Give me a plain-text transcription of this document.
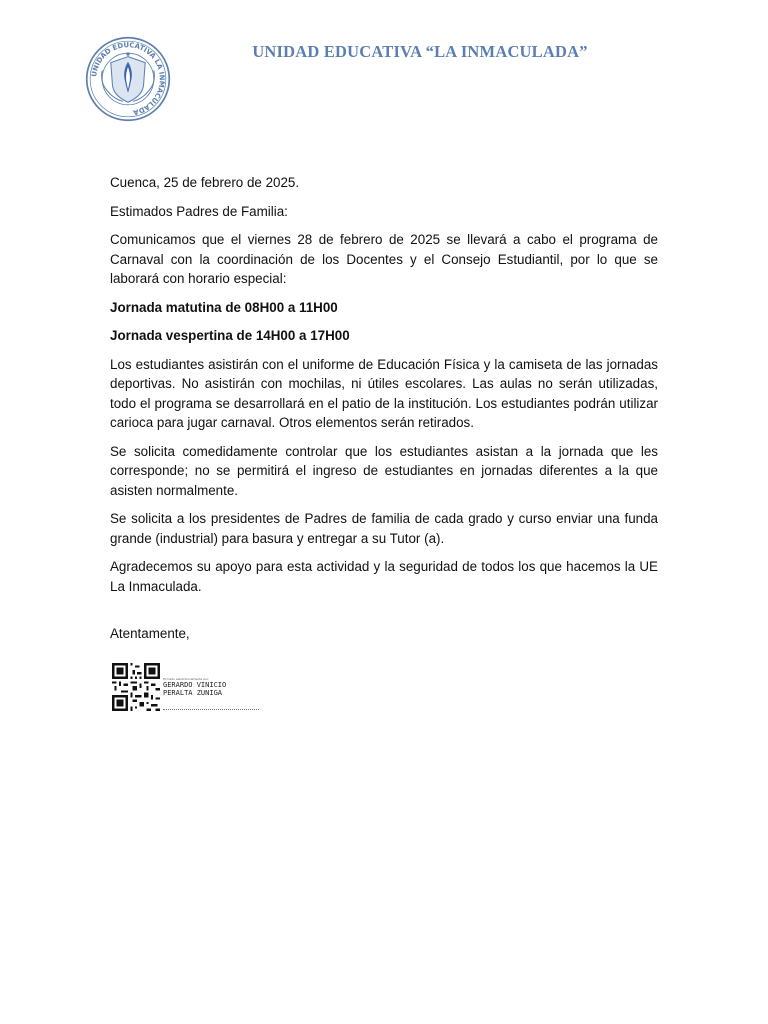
UNIDAD EDUCATIVA LA INMACULADA
UNIDAD EDUCATIVA “LA INMACULADA”

Cuenca, 25 de febrero de 2025.

Estimados Padres de Familia:

Comunicamos que el viernes 28 de febrero de 2025 se llevará a cabo el programa de Carnaval con la coordinación de los Docentes y el Consejo Estudiantil, por lo que se laborará con horario especial:

Jornada matutina de 08H00 a 11H00

Jornada vespertina de 14H00 a 17H00

Los estudiantes asistirán con el uniforme de Educación Física y la camiseta de las jornadas deportivas. No asistirán con mochilas, ni útiles escolares. Las aulas no serán utilizadas, todo el programa se desarrollará en el patio de la institución. Los estudiantes podrán utilizar carioca para jugar carnaval. Otros elementos serán retirados.

Se solicita comedidamente controlar que los estudiantes asistan a la jornada que les corresponde; no se permitirá el ingreso de estudiantes en jornadas diferentes a la que asisten normalmente.

Se solicita a los presidentes de Padres de familia de cada grado y curso enviar una funda grande (industrial) para basura y entregar a su Tutor (a).

Agradecemos su apoyo para esta actividad y la seguridad de todos los que hacemos la UE La Inmaculada.

Atentamente,

Firmado electrónicamente por:
GERARDO VINICIO
PERALTA ZUNIGA
